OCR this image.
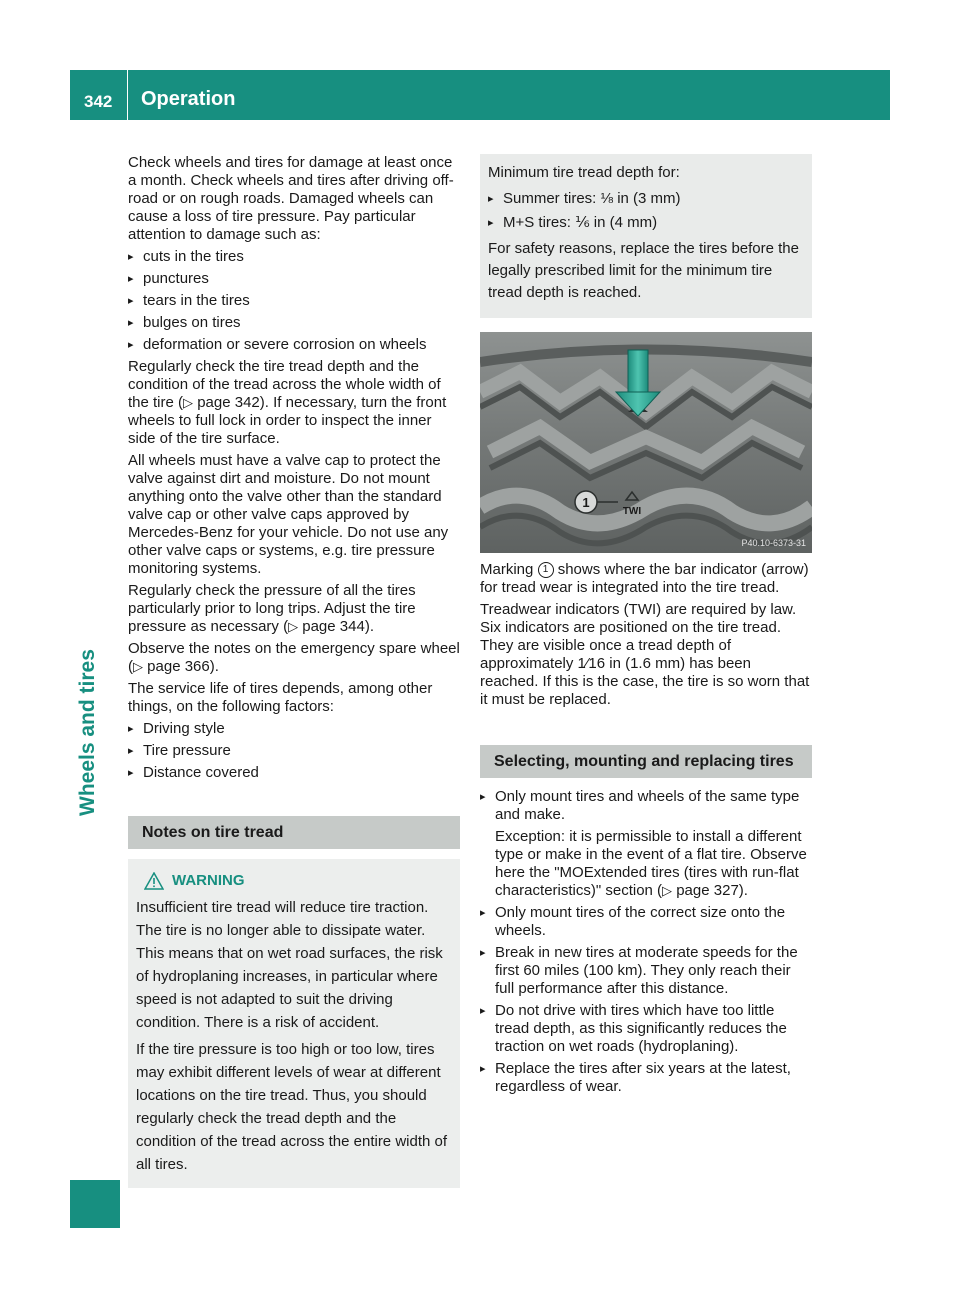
342 Operation
Wheels and tires

Check wheels and tires for damage at least once a month. Check wheels and tires after driving off-road or on rough roads. Damaged wheels can cause a loss of tire pressure. Pay particular attention to damage such as:

▸ cuts in the tires
▸ punctures
▸ tears in the tires
▸ bulges on tires
▸ deformation or severe corrosion on wheels

Regularly check the tire tread depth and the condition of the tread across the whole width of the tire (▷ page 342). If necessary, turn the front wheels to full lock in order to inspect the inner side of the tire surface.

All wheels must have a valve cap to protect the valve against dirt and moisture. Do not mount anything onto the valve other than the standard valve cap or other valve caps approved by Mercedes-Benz for your vehicle. Do not use any other valve caps or systems, e.g. tire pressure monitoring systems.

Regularly check the pressure of all the tires particularly prior to long trips. Adjust the tire pressure as necessary (▷ page 344).

Observe the notes on the emergency spare wheel (▷ page 366).

The service life of tires depends, among other things, on the following factors:

▸ Driving style
▸ Tire pressure
▸ Distance covered
Notes on tire tread
WARNING

Insufficient tire tread will reduce tire traction. The tire is no longer able to dissipate water. This means that on wet road surfaces, the risk of hydroplaning increases, in particular where speed is not adapted to suit the driving condition. There is a risk of accident.

If the tire pressure is too high or too low, tires may exhibit different levels of wear at different locations on the tire tread. Thus, you should regularly check the tread depth and the condition of the tread across the entire width of all tires.

Minimum tire tread depth for:

▸ Summer tires: ⅛ in (3 mm)
▸ M+S tires: ⅙ in (4 mm)

For safety reasons, replace the tires before the legally prescribed limit for the minimum tire tread depth is reached.

1
TWI
P40.10-6373-31

Marking 1 shows where the bar indicator (arrow) for tread wear is integrated into the tire tread.

Treadwear indicators (TWI) are required by law. Six indicators are positioned on the tire tread. They are visible once a tread depth of approximately 1⁄16 in (1.6 mm) has been reached. If this is the case, the tire is so worn that it must be replaced.

Selecting, mounting and replacing tires
▸ Only mount tires and wheels of the same type and make.
Exception: it is permissible to install a different type or make in the event of a flat tire. Observe here the "MOExtended tires (tires with run-flat characteristics)" section (▷ page 327).
▸ Only mount tires of the correct size onto the wheels.
▸ Break in new tires at moderate speeds for the first 60 miles (100 km). They only reach their full performance after this distance.
▸ Do not drive with tires which have too little tread depth, as this significantly reduces the traction on wet roads (hydroplaning).
▸ Replace the tires after six years at the latest, regardless of wear.
